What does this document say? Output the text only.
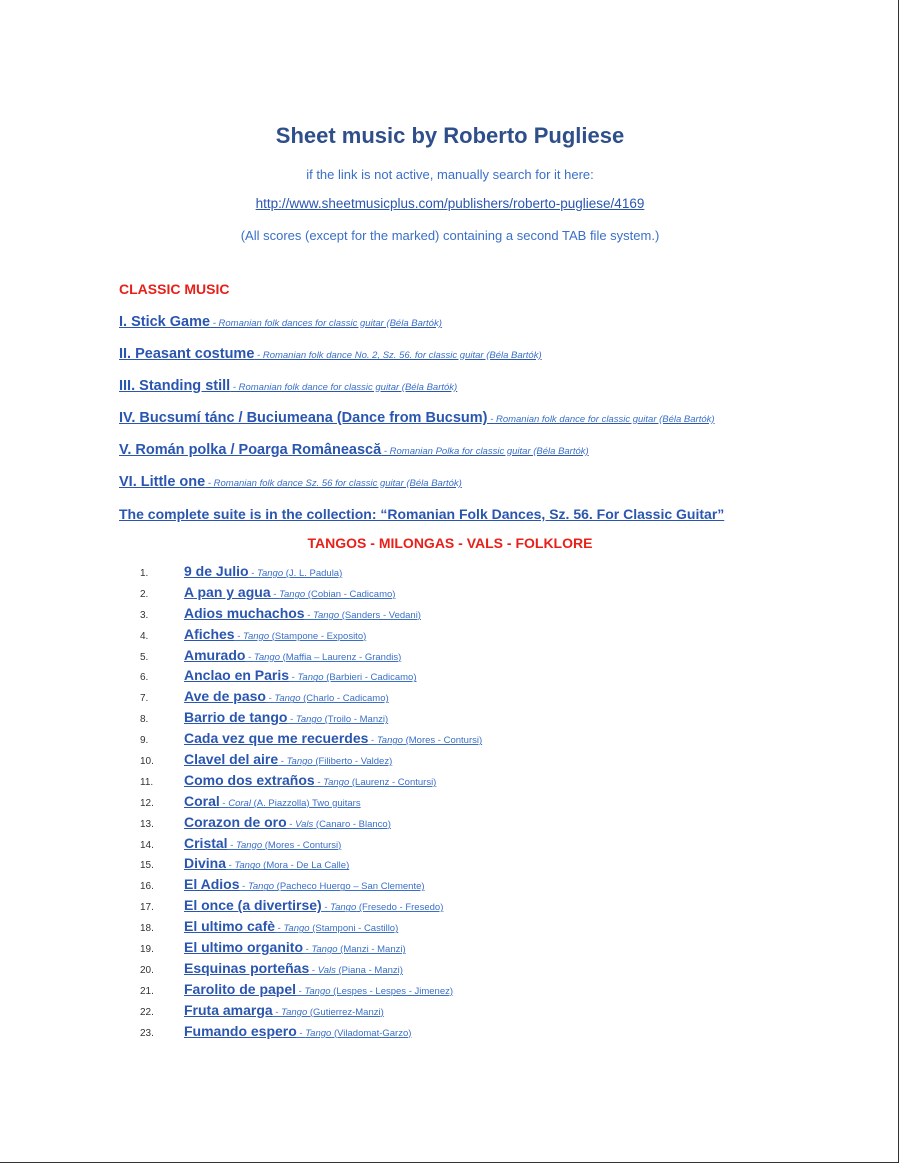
Sheet music by Roberto Pugliese
if the link is not active, manually search for it here:
http://www.sheetmusicplus.com/publishers/roberto-pugliese/4169
(All scores (except for the marked) containing a second TAB file system.)
CLASSIC MUSIC
I. Stick Game - Romanian folk dances for classic guitar (Béla Bartók)
II. Peasant costume - Romanian folk dance No. 2, Sz. 56. for classic guitar (Béla Bartók)
III. Standing still - Romanian folk dance for classic guitar (Béla Bartók)
IV. Bucsumí tánc / Buciumeana (Dance from Bucsum) - Romanian folk dance for classic guitar (Béla Bartók)
V. Román polka / Poarga Românească - Romanian Polka for classic guitar (Béla Bartók)
VI. Little one - Romanian folk dance Sz. 56 for classic guitar (Béla Bartók)
The complete suite is in the collection: “Romanian Folk Dances, Sz. 56. For Classic Guitar”
TANGOS - MILONGAS - VALS - FOLKLORE
1.	9 de Julio - Tango (J. L. Padula)
2.	A pan y agua - Tango (Cobian - Cadicamo)
3.	Adios muchachos - Tango (Sanders - Vedani)
4.	Afiches - Tango (Stampone - Exposito)
5.	Amurado - Tango (Maffia – Laurenz - Grandis)
6.	Anclao en Paris - Tango (Barbieri - Cadicamo)
7.	Ave de paso - Tango (Charlo - Cadicamo)
8.	Barrio de tango - Tango (Troilo - Manzi)
9.	Cada vez que me recuerdes - Tango (Mores - Contursi)
10. Clavel del aire - Tango (Filiberto - Valdez)
11. Como dos extraños - Tango (Laurenz - Contursi)
12. Coral - Coral (A. Piazzolla) Two guitars
13. Corazon de oro - Vals (Canaro - Blanco)
14. Cristal - Tango (Mores - Contursi)
15. Divina - Tango (Mora - De La Calle)
16. El Adios - Tango (Pacheco Huergo – San Clemente)
17. El once (a divertirse) - Tango (Fresedo - Fresedo)
18. El ultimo cafè - Tango (Stamponi - Castillo)
19. El ultimo organito - Tango (Manzi - Manzi)
20. Esquinas porteñas - Vals (Piana - Manzi)
21. Farolito de papel - Tango (Lespes - Lespes - Jimenez)
22. Fruta amarga - Tango (Gutierrez-Manzi)
23. Fumando espero - Tango (Viladomat-Garzo)
